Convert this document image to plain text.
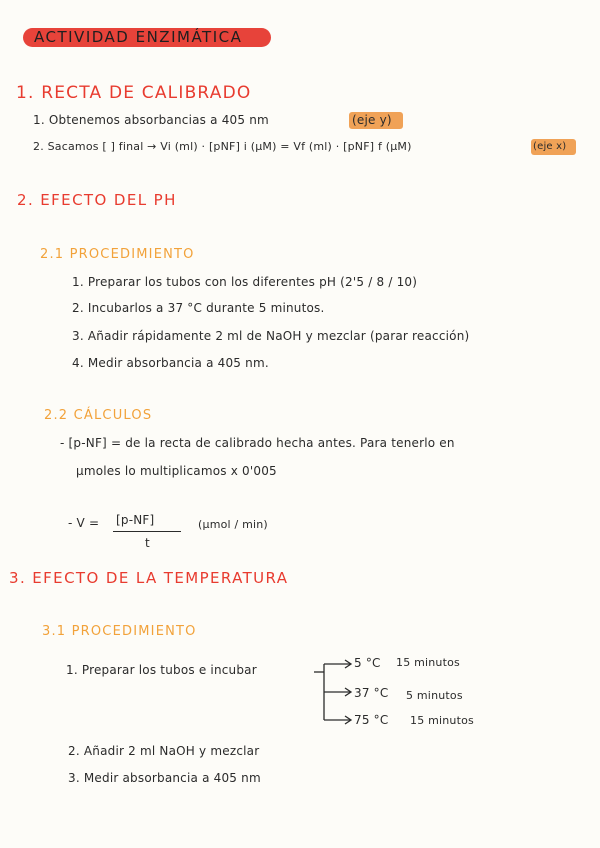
ACTIVIDAD ENZIMÁTICA
1. RECTA DE CALIBRADO
1. Obtenemos absorbancias a 405 nm	(eje y)
2. Sacamos [ ] final → Vi (ml) · [pNF] i (μM) = Vf (ml) · [pNF] f (μM)	(eje x)
2. EFECTO DEL PH
2.1 PROCEDIMIENTO
1. Preparar los tubos con los diferentes pH (2'5 / 8 / 10)
2. Incubarlos a 37 °C durante 5 minutos.
3. Añadir rápidamente 2 ml de NaOH y mezclar (parar reacción)
4. Medir absorbancia a 405 nm.
2.2 CÁLCULOS
- [p-NF] = de la recta de calibrado hecha antes. Para tenerlo en
μmoles lo multiplicamos x 0'005
- V = [p-NF]
t
(μmol / min)
3. EFECTO DE LA TEMPERATURA
3.1 PROCEDIMIENTO
1. Preparar los tubos e incubar	5 °C 15 minutos
37 °C 5 minutos
75 °C 15 minutos
2. Añadir 2 ml NaOH y mezclar
3. Medir absorbancia a 405 nm
